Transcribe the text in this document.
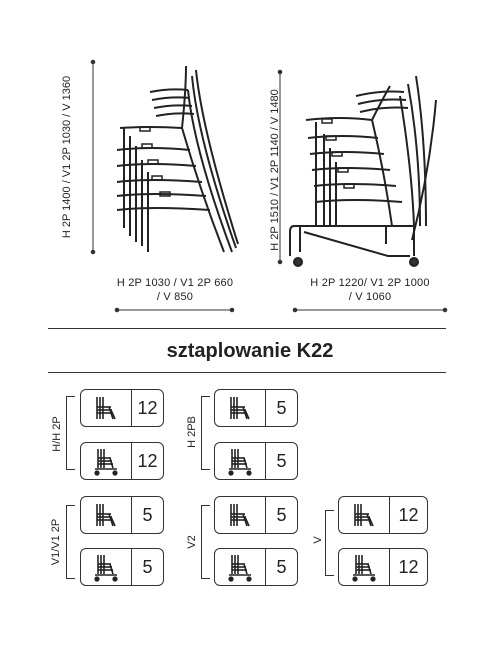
H 2P 1400 / V1 2P 1030 / V 1360	H 2P 1510 / V1 2P 1140 / V 1480
H 2P 1030 / V1 2P 660
/ V 850
H 2P 1220/ V1 2P 1000
/ V 1060
sztaplowanie K22
H/H 2P
12
12
H 2PB
5
5
V1/V1 2P
5
5
V2
5
5
V
12
12
